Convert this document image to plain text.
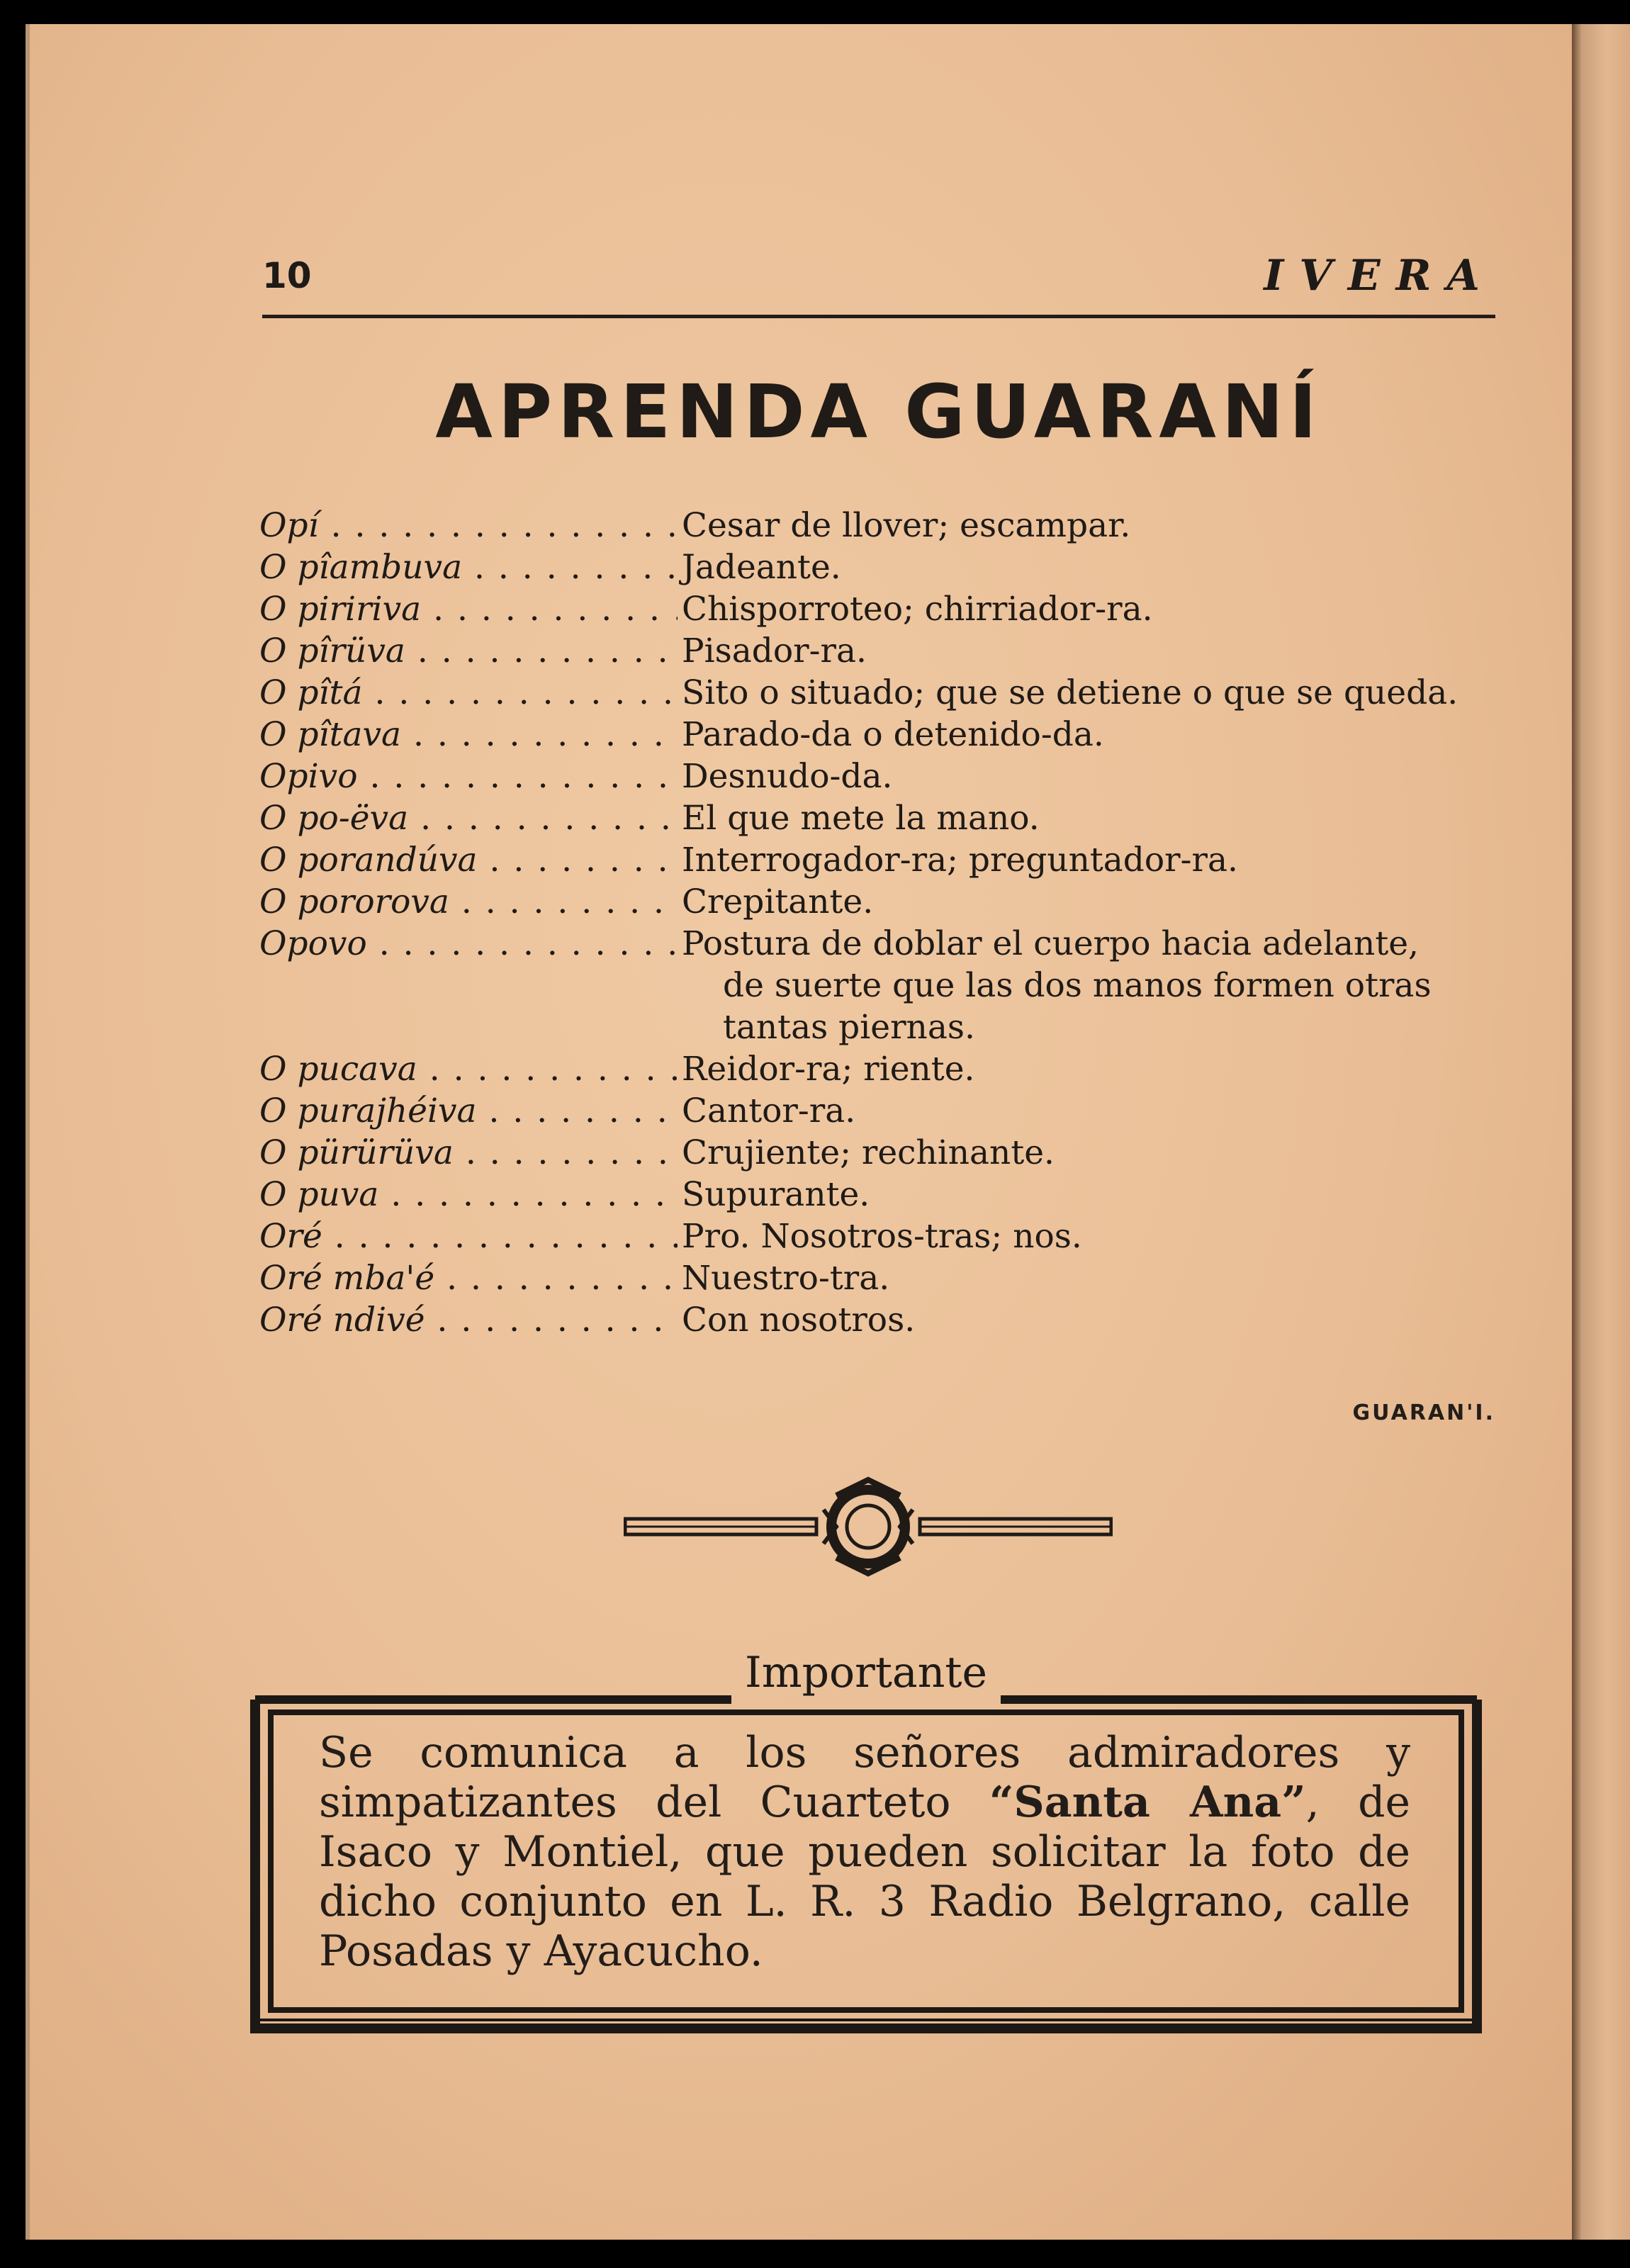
10	IVERA
APRENDA GUARANÍ
Opí . . .	Cesar de llover; escampar.
O pîambuva . . .	Jadeante.
O piririva . . .	Chisporroteo; chirriador-ra.
O pîrüva . . .	Pisador-ra.
O pîtá . . .	Sito o situado; que se detiene o que se queda.
O pîtava . . .	Parado-da o detenido-da.
Opivo . . .	Desnudo-da.
O po-ëva . . .	El que mete la mano.
O porandúva . . .	Interrogador-ra; preguntador-ra.
O pororova . . .	Crepitante.
Opovo . . .	Postura de doblar el cuerpo hacia adelante,
de suerte que las dos manos formen otras
tantas piernas.
O pucava . . .	Reidor-ra; riente.
O purajhéiva . . .	Cantor-ra.
O pürürüva . . .	Crujiente; rechinante.
O puva . . .	Supurante.
Oré . . .	Pro. Nosotros-tras; nos.
Oré mba'é . . .	Nuestro-tra.
Oré ndivé . . .	Con nosotros.
GUARAN'I.
Importante

Se comunica a los señores admiradores y simpatizantes del Cuarteto “Santa Ana”, de Isaco y Montiel, que pueden solicitar la foto de dicho conjunto en L. R. 3 Radio Belgrano, calle Posadas y Ayacucho.
